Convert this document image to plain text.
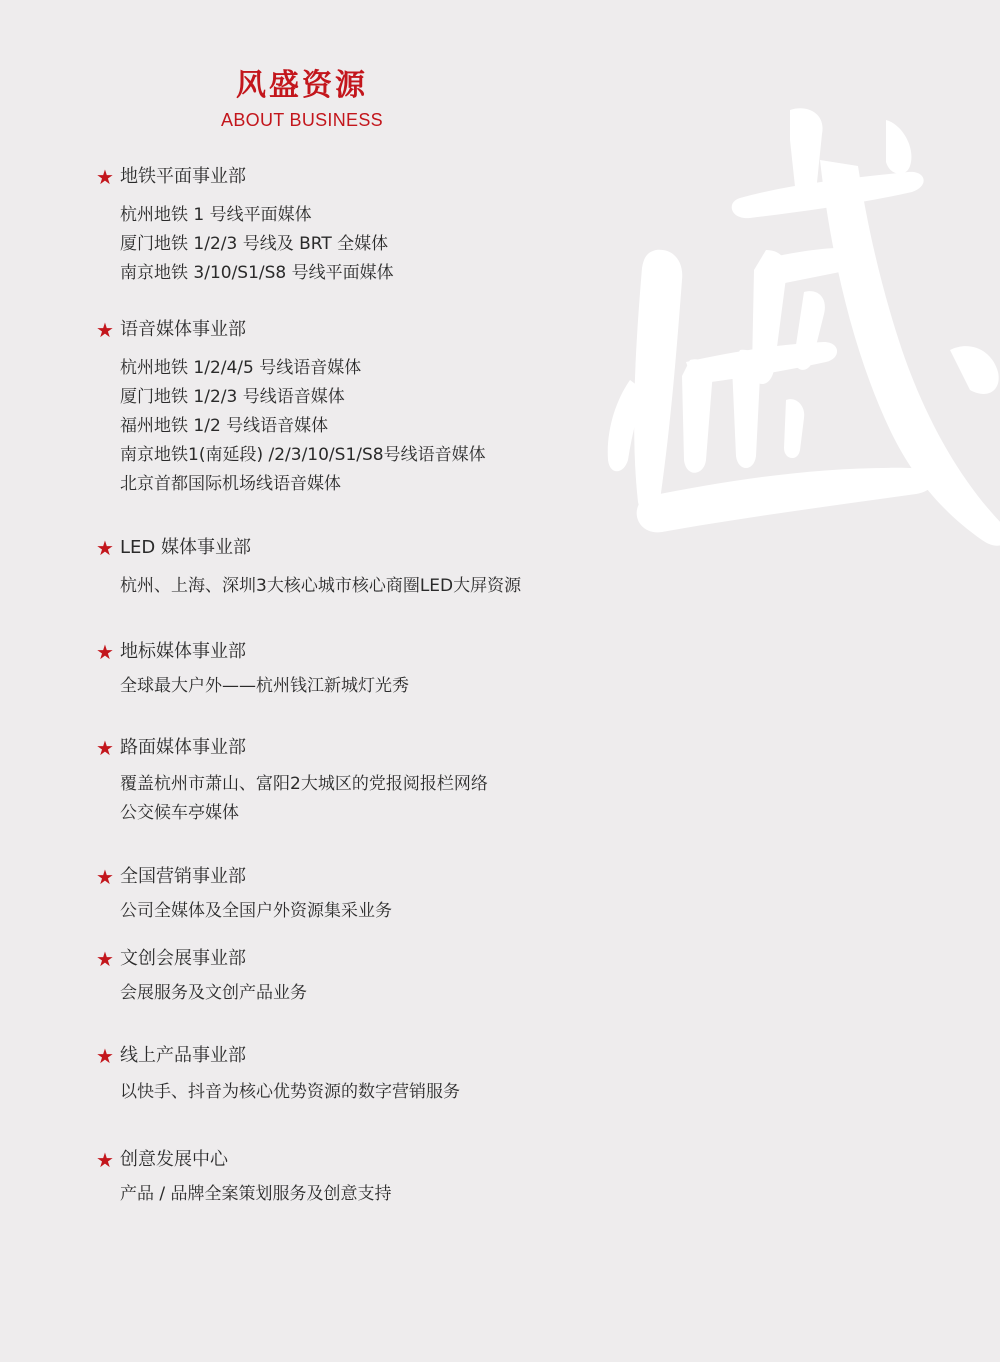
风盛资源
ABOUT BUSINESS
★ 地铁平面事业部
杭州地铁 1 号线平面媒体
厦门地铁 1/2/3 号线及 BRT 全媒体
南京地铁 3/10/S1/S8 号线平面媒体
★ 语音媒体事业部
杭州地铁 1/2/4/5 号线语音媒体
厦门地铁 1/2/3 号线语音媒体
福州地铁 1/2 号线语音媒体
南京地铁1(南延段) /2/3/10/S1/S8号线语音媒体
北京首都国际机场线语音媒体
★ LED 媒体事业部
杭州、上海、深圳3大核心城市核心商圈LED大屏资源
★ 地标媒体事业部
全球最大户外——杭州钱江新城灯光秀
★ 路面媒体事业部
覆盖杭州市萧山、富阳2大城区的党报阅报栏网络
公交候车亭媒体
★ 全国营销事业部
公司全媒体及全国户外资源集采业务
★ 文创会展事业部
会展服务及文创产品业务
★ 线上产品事业部
以快手、抖音为核心优势资源的数字营销服务
★ 创意发展中心
产品 / 品牌全案策划服务及创意支持
